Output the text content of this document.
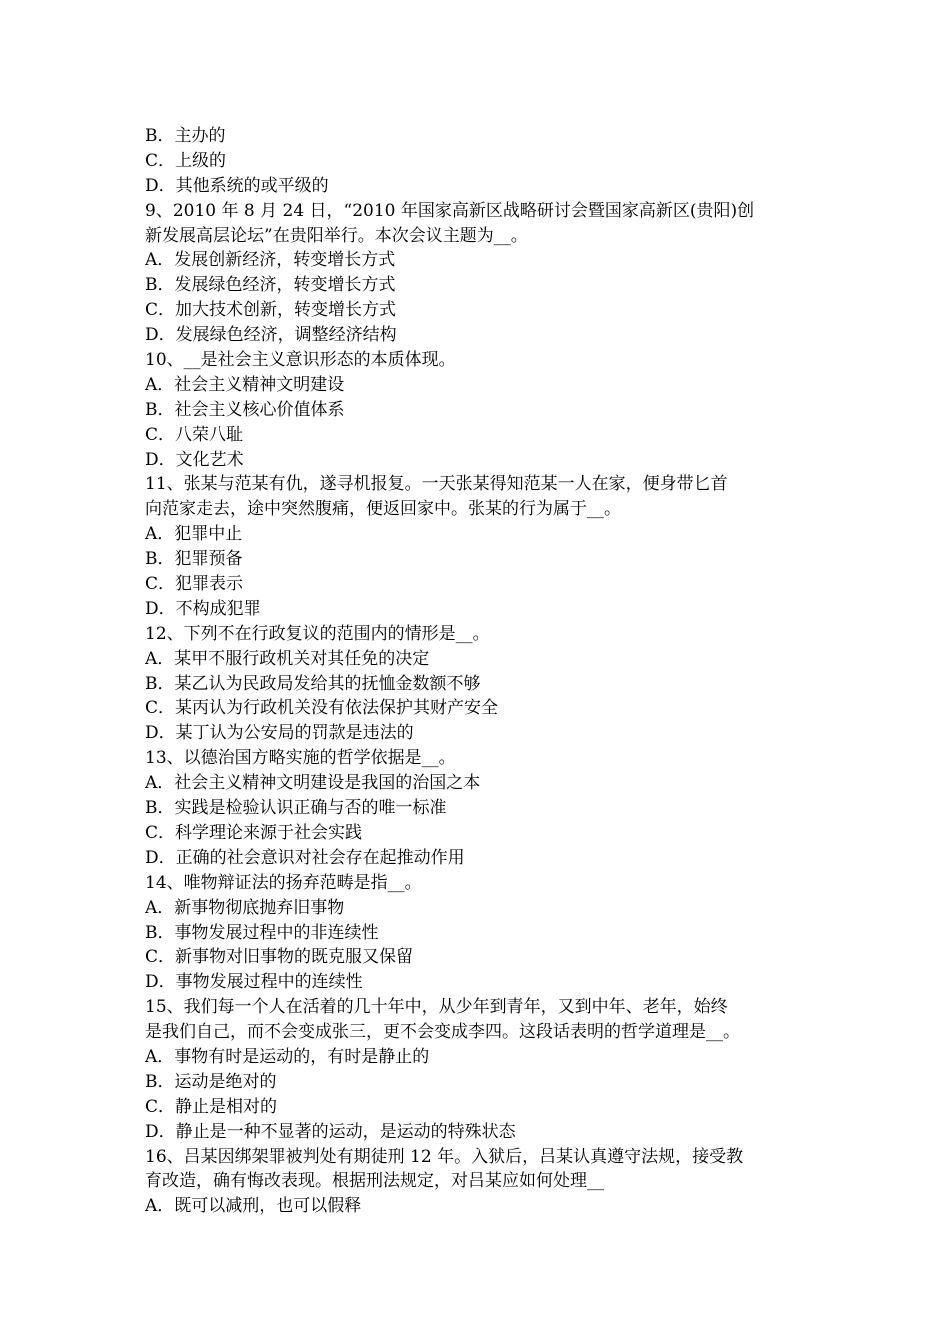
B．主办的
C．上级的
D．其他系统的或平级的
9、2010 年 8 月 24 日，“2010 年国家高新区战略研讨会暨国家高新区(贵阳)创
新发展高层论坛”在贵阳举行。本次会议主题为__。
A．发展创新经济，转变增长方式
B．发展绿色经济，转变增长方式
C．加大技术创新，转变增长方式
D．发展绿色经济，调整经济结构
10、__是社会主义意识形态的本质体现。
A．社会主义精神文明建设
B．社会主义核心价值体系
C．八荣八耻
D．文化艺术
11、张某与范某有仇，遂寻机报复。一天张某得知范某一人在家，便身带匕首
向范家走去，途中突然腹痛，便返回家中。张某的行为属于__。
A．犯罪中止
B．犯罪预备
C．犯罪表示
D．不构成犯罪
12、下列不在行政复议的范围内的情形是__。
A．某甲不服行政机关对其任免的决定
B．某乙认为民政局发给其的抚恤金数额不够
C．某丙认为行政机关没有依法保护其财产安全
D．某丁认为公安局的罚款是违法的
13、以德治国方略实施的哲学依据是__。
A．社会主义精神文明建设是我国的治国之本
B．实践是检验认识正确与否的唯一标准
C．科学理论来源于社会实践
D．正确的社会意识对社会存在起推动作用
14、唯物辩证法的扬弃范畴是指__。
A．新事物彻底抛弃旧事物
B．事物发展过程中的非连续性
C．新事物对旧事物的既克服又保留
D．事物发展过程中的连续性
15、我们每一个人在活着的几十年中，从少年到青年，又到中年、老年，始终
是我们自己，而不会变成张三，更不会变成李四。这段话表明的哲学道理是__。
A．事物有时是运动的，有时是静止的
B．运动是绝对的
C．静止是相对的
D．静止是一种不显著的运动，是运动的特殊状态
16、吕某因绑架罪被判处有期徒刑 12 年。入狱后，吕某认真遵守法规，接受教
育改造，确有悔改表现。根据刑法规定，对吕某应如何处理__
A．既可以减刑，也可以假释
